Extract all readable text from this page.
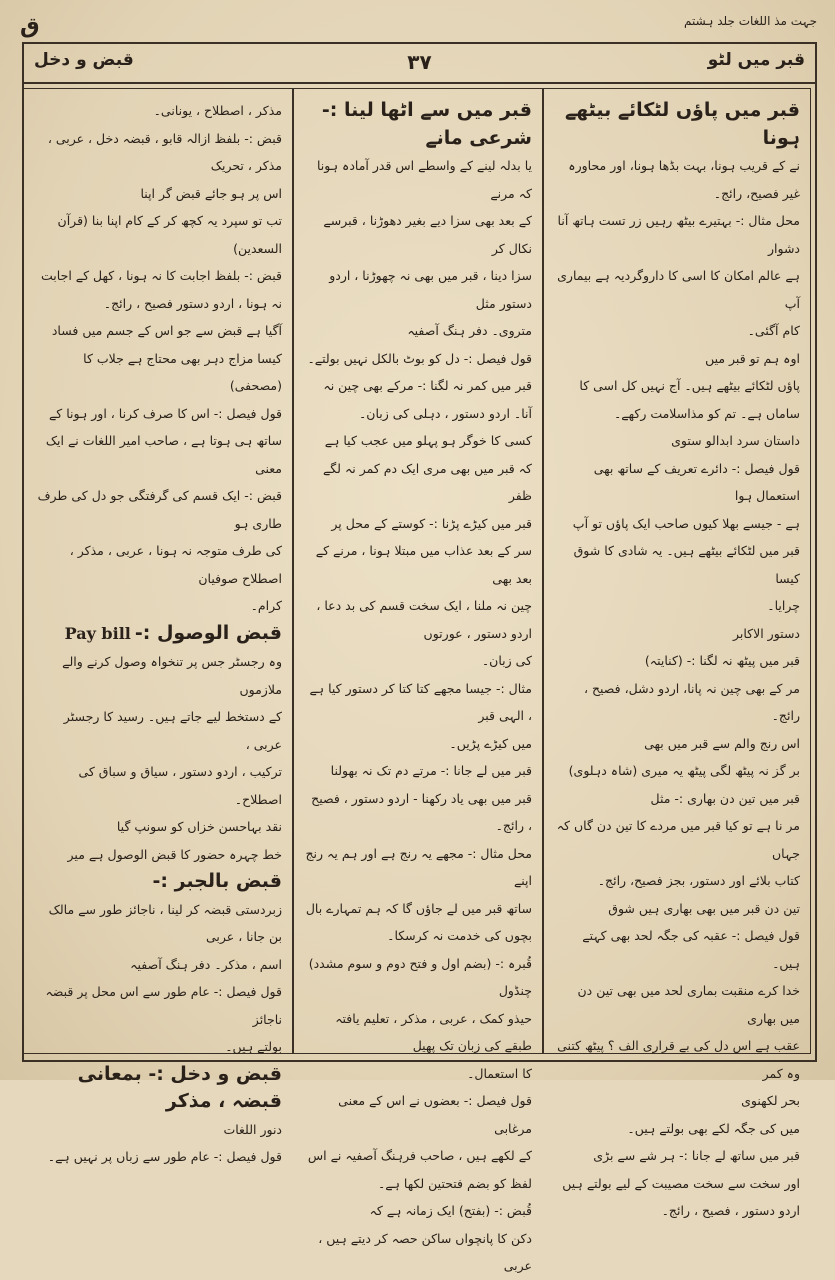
جہت مذ اللغات جلد ہشتم
ق
قبر میں لٹو
۳۷
قبض و دخل

قبر میں پاؤں لٹکائے بیٹھے ہونا

نے کے قریب ہونا، بہت بڈھا ہونا، اور محاورہ

غیر فصیح، رائج۔

محل مثال :- بہتیرے بیٹھ رہیں زر تست ہاتھ آنا دشوار

ہے عالم امکان کا اسی کا داروگردیہ ہے بیماری آپ

کام آگئی۔

اوہ ہم تو قبر میں

پاؤں لٹکائے بیٹھے ہیں۔ آج نہیں کل اسی کا

ساماں ہے۔ تم کو مذاسلامت رکھے۔

داستان سرد ابدالو ستوی

قول فیصل :- دائرے تعریف کے ساتھ بھی استعمال ہوا

ہے - جیسے بھلا کیوں صاحب ایک پاؤں تو آپ

قبر میں لٹکائے بیٹھے ہیں۔ یہ شادی کا شوق کیسا

چرایا۔

دستور الاکابر

قبر میں پیٹھ نہ لگنا :- (کنایتہ)

مر کے بھی چین نہ پانا، اردو دشل، فصیح ، رائج۔

اس رنج والم سے قبر میں بھی

بر گز نہ پیٹھ لگی پیٹھ یہ میری (شاہ دہلوی)

قبر میں تین دن بھاری :- مثل

مر نا ہے تو کیا قبر میں مردے کا تین دن گاں کہ جہاں

کتاب بلائے اور دستور، بجز فصیح، رائج۔

تین دن قبر میں بھی بھاری ہیں شوق

قول فیصل :- عقبہ کی جگہ لحد بھی کہتے ہیں۔

خدا کرے منقبت بماری لحد میں بھی تین دن میں بھاری

عقب ہے اس دل کی بے قراری الف ؟ پیٹھ کتنی وہ کمر

بحر لکھنوی

میں کی جگہ لکے بھی بولتے ہیں۔

قبر میں ساتھ لے جانا :- ہر شے سے بڑی

اور سخت سے سخت مصیبت کے لیے بولتے ہیں

اردو دستور ، فصیح ، رائج۔

قبر میں سے اٹھا لینا :- شرعی مانے

یا بدلہ لینے کے واسطے اس قدر آمادہ ہونا کہ مرنے

کے بعد بھی سزا دیے بغیر دھوڑنا ، قبرسے نکال کر

سزا دینا ، قبر میں بھی نہ چھوڑنا ، اردو دستور مثل

متروی۔ دفر ہنگ آصفیہ

قول فیصل :- دل کو بوٹ بالکل نہیں بولتے۔

قبر میں کمر نہ لگنا :- مرکے بھی چین نہ

آنا۔ اردو دستور ، دہلی کی زبان۔

کسی کا خوگر ہو پہلو میں عجب کیا ہے

کہ قبر میں بھی مری ایک دم کمر نہ لگے ظفر

قبر میں کیڑے پڑنا :- کوستے کے محل پر

سر کے بعد عذاب میں مبتلا ہونا ، مرنے کے بعد بھی

چین نہ ملنا ، ایک سخت قسم کی بد دعا ، اردو دستور ، عورتوں

کی زبان۔

مثال :- جیسا مجھے کتا کتا کر دستور کیا ہے ، الہی قبر

میں کیڑے پڑیں۔

قبر میں لے جانا :- مرتے دم تک نہ بھولنا

قبر میں بھی یاد رکھنا - اردو دستور ، فصیح ، رائج۔

محل مثال :- مجھے یہ رنج ہے اور ہم یہ رنج اپنے

ساتھ قبر میں لے جاؤں گا کہ ہم تمہارے بال

بچوں کی خدمت نہ کرسکا۔

قُبرہ :- (بضم اول و فتح دوم و سوم مشدد) چنڈول

حیذو کمک ، عربی ، مذکر ، تعلیم یافتہ طبقے کی زبان تک پھیل

کا استعمال۔

قول فیصل :- بعضوں نے اس کے معنی مرغابی

کے لکھے ہیں ، صاحب فرہنگ آصفیہ نے اس

لفظ کو بضم فتحتین لکھا ہے۔

قُبض :- (بفتح) ایک زمانہ ہے کہ

دکن کا پانچواں ساکن حصہ کر دیتے ہیں ، عربی

مذکر ، اصطلاح ، یونانی۔

قبض :- بلفظ ازالہ قابو ، قبضہ دخل ، عربی ، مذکر ، تحریک

اس پر ہو جائے قبض گر اپنا

تب تو سپرد یہ کچھ کر کے کام اپنا بنا (قرآن السعدین)

قبض :- بلفظ اجابت کا نہ ہونا ، کھل کے اجابت

نہ ہونا ، اردو دستور فصیح ، رائج۔

آگیا ہے قبض سے جو اس کے جسم میں فساد

کیسا مزاج دہر بھی محتاج ہے جلاب کا (مصحفی)

قول فیصل :- اس کا صرف کرنا ، اور ہونا کے

ساتھ ہی ہوتا ہے ، صاحب امیر اللغات نے ایک معنی

قبض :- ایک قسم کی گرفتگی جو دل کی طرف طاری ہو

کی طرف متوجہ نہ ہونا ، عربی ، مذکر ، اصطلاح صوفیان

کرام۔

قبض الوصول :- Pay bill

وہ رجسٹر جس پر تنخواہ وصول کرنے والے ملازموں

کے دستخط لیے جاتے ہیں۔ رسید کا رجسٹر عربی ،

ترکیب ، اردو دستور ، سیاق و سباق کی

اصطلاح۔

نقد بہاحسن خزاں کو سونپ گیا

خط چہرہ حضور کا قبض الوصول ہے میر

قبض بالجبر :-

زبردستی قبضہ کر لینا ، ناجائز طور سے مالک بن جانا ، عربی

اسم ، مذکر۔ دفر ہنگ آصفیہ

قول فیصل :- عام طور سے اس محل پر قبضہ ناجائز

بولتے ہیں۔

قبض و دخل :- بمعانی قبضہ ، مذکر

دنور اللغات

قول فیصل :- عام طور سے زباں پر نہیں ہے۔
